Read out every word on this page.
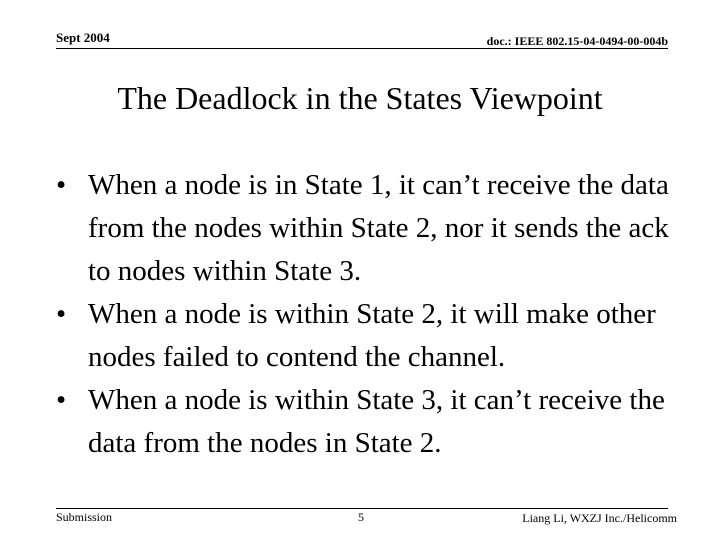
Sept 2004	doc.: IEEE 802.15-04-0494-00-004b
The Deadlock in the States Viewpoint
• When a node is in State 1, it can’t receive the data from the nodes within State 2, nor it sends the ack to nodes within State 3.
• When a node is within State 2, it will make other nodes failed to contend the channel.
• When a node is within State 3, it can’t receive the data from the nodes in State 2.
Submission	5	Liang Li, WXZJ Inc./Helicomm
